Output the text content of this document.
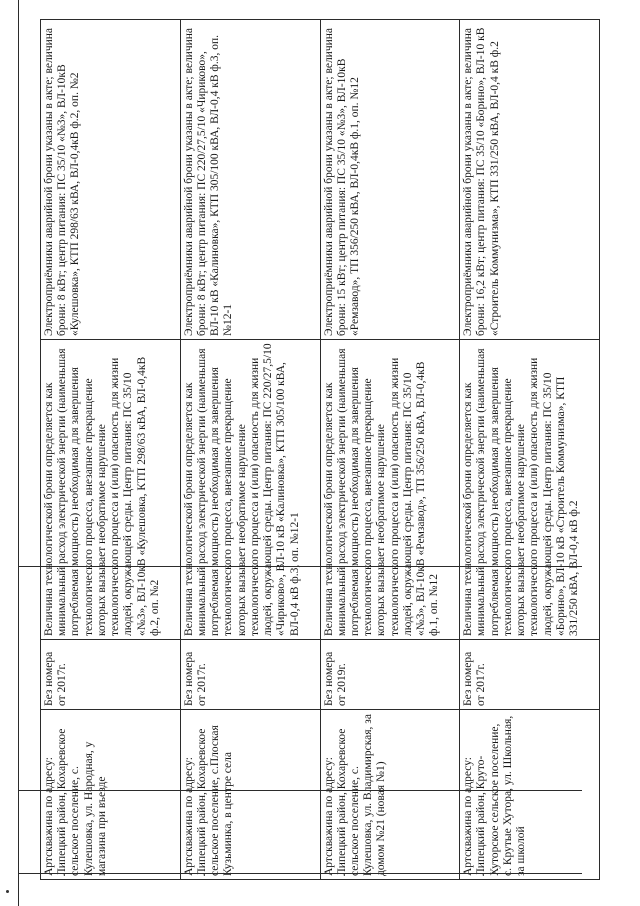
Артскважина по адресу: Липецкий район, Кохаревское сельское поселение, с. Кулешовка, ул. Народная, у магазина при въезде	Без номера от 2017г.	Величина технологической брони определяется как минимальный расход электрической энергии (наименьшая потребляемая мощность) необходимая для завершения технологического процесса, внезапное прекращение которых вызывает необратимое нарушение технологического процесса и (или) опасность для жизни людей, окружающей среды. Центр питания: ПС 35/10 «№3», ВЛ-10кВ «Кулешовка, КТП 298/63 кВА, ВЛ-0,4кВ ф.2, оп. №2	Электроприёмники аварийной брони указаны в акте; величина брони: 8 кВт; центр питания: ПС 35/10 «№3», ВЛ-10кВ «Кулешовка», КТП 298/63 кВА, ВЛ-0,4кВ ф.2, оп. №2
Артскважина по адресу: Липецкий район, Кохаревское сельское поселение, с.Плоская Кузьминка, в центре села	Без номера от 2017г.	Величина технологической брони определяется как минимальный расход электрической энергии (наименьшая потребляемая мощность) необходимая для завершения технологического процесса, внезапное прекращение которых вызывает необратимое нарушение технологического процесса и (или) опасность для жизни людей, окружающей среды. Центр питания: ПС 220/27,5/10 «Чириково», ВЛ-10 кВ «Калиновка», КТП 305/100 кВА, ВЛ-0,4 кВ ф.3, оп. №12-1	Электроприёмники аварийной брони указаны в акте; величина брони: 8 кВт; центр питания: ПС 220/27,5/10 «Чириково», ВЛ-10 кВ «Калиновка», КТП 305/100 кВА, ВЛ-0,4 кВ ф.3, оп. №12-1
Артскважина по адресу: Липецкий район, Кохаревское сельское поселение, с. Кулешовка, ул. Владимирская, за домом №21 (новая №1)	Без номера от 2019г.	Величина технологической брони определяется как минимальный расход электрической энергии (наименьшая потребляемая мощность) необходимая для завершения технологического процесса, внезапное прекращение которых вызывает необратимое нарушение технологического процесса и (или) опасность для жизни людей, окружающей среды. Центр питания: ПС 35/10 «№3», ВЛ-10кВ «Ремзавод», ТП 356/250 кВА, ВЛ-0,4кВ ф.1, оп. №12	Электроприёмники аварийной брони указаны в акте; величина брони: 15 кВт; центр питания: ПС 35/10 «№3», ВЛ-10кВ «Ремзавод», ТП 356/250 кВА, ВЛ-0,4кВ ф.1, оп. №12
Артскважина по адресу: Липецкий район, Круто-Хуторское сельское поселение, с. Крутые Хутора, ул. Школьная, за школой	Без номера от 2017г.	Величина технологической брони определяется как минимальный расход электрической энергии (наименьшая потребляемая мощность) необходимая для завершения технологического процесса, внезапное прекращение которых вызывает необратимое нарушение технологического процесса и (или) опасность для жизни людей, окружающей среды. Центр питания: ПС 35/10 «Борино», ВЛ-10 кВ «Строитель Коммунизма», КТП 331/250 кВА, ВЛ-0,4 кВ ф.2	Электроприёмники аварийной брони указаны в акте; величина брони: 16,2 кВт; центр питания: ПС 35/10 «Борино», ВЛ-10 кВ «Строитель Коммунизма», КТП 331/250 кВА, ВЛ-0,4 кВ ф.2
